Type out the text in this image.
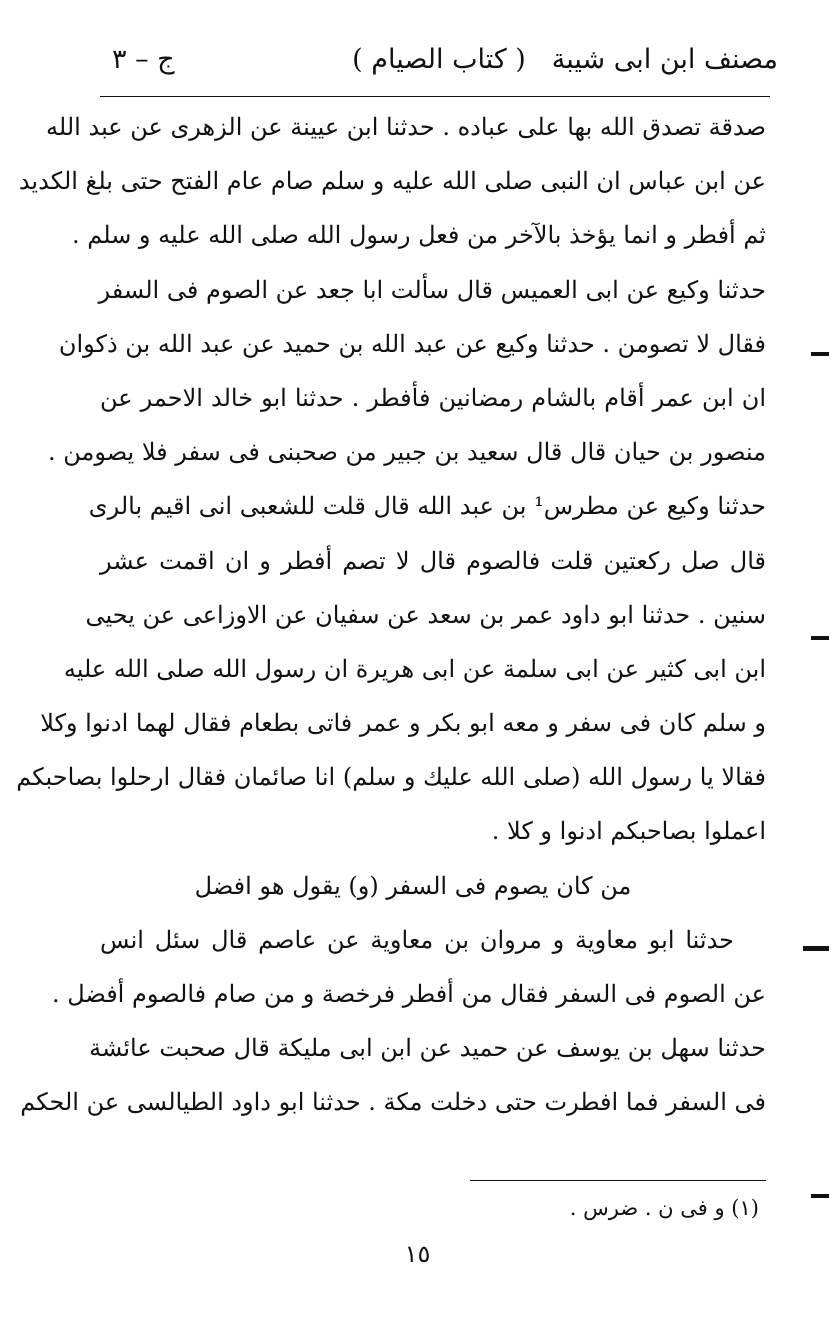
مصنف ابن ابى شيبة
( كتاب الصيام )
ج – ٣
صدقة تصدق الله بها على عباده . حدثنا ابن عيينة عن الزهرى عن عبد الله
عن ابن عباس ان النبى صلى الله عليه و سلم صام عام الفتح حتى بلغ الكديد
ثم أفطر و انما يؤخذ بالآخر من فعل رسول الله صلى الله عليه و سلم .
حدثنا وكيع عن ابى العميس قال سألت ابا جعد عن الصوم فى السفر
فقال لا تصومن . حدثنا وكيع عن عبد الله بن حميد عن عبد الله بن ذكوان
ان ابن عمر أقام بالشام رمضانين فأفطر . حدثنا ابو خالد الاحمر عن
منصور بن حيان قال قال سعيد بن جبير من صحبنى فى سفر فلا يصومن .
حدثنا وكيع عن مطرس¹ بن عبد الله قال قلت للشعبى انى اقيم بالرى
قال صل ركعتين قلت فالصوم قال لا تصم أفطر و ان اقمت عشر
سنين . حدثنا ابو داود عمر بن سعد عن سفيان عن الاوزاعى عن يحيى
ابن ابى كثير عن ابى سلمة عن ابى هريرة ان رسول الله صلى الله عليه
و سلم كان فى سفر و معه ابو بكر و عمر فاتى بطعام فقال لهما ادنوا وكلا
فقالا يا رسول الله (صلى الله عليك و سلم) انا صائمان فقال ارحلوا بصاحبكم
اعملوا بصاحبكم ادنوا و كلا .
من كان يصوم فى السفر (و) يقول هو افضل
حدثنا ابو معاوية و مروان بن معاوية عن عاصم قال سئل انس
عن الصوم فى السفر فقال من أفطر فرخصة و من صام فالصوم أفضل .
حدثنا سهل بن يوسف عن حميد عن ابن ابى مليكة قال صحبت عائشة
فى السفر فما افطرت حتى دخلت مكة . حدثنا ابو داود الطيالسى عن الحكم
(١) و فى ن . ضرس .
١٥
